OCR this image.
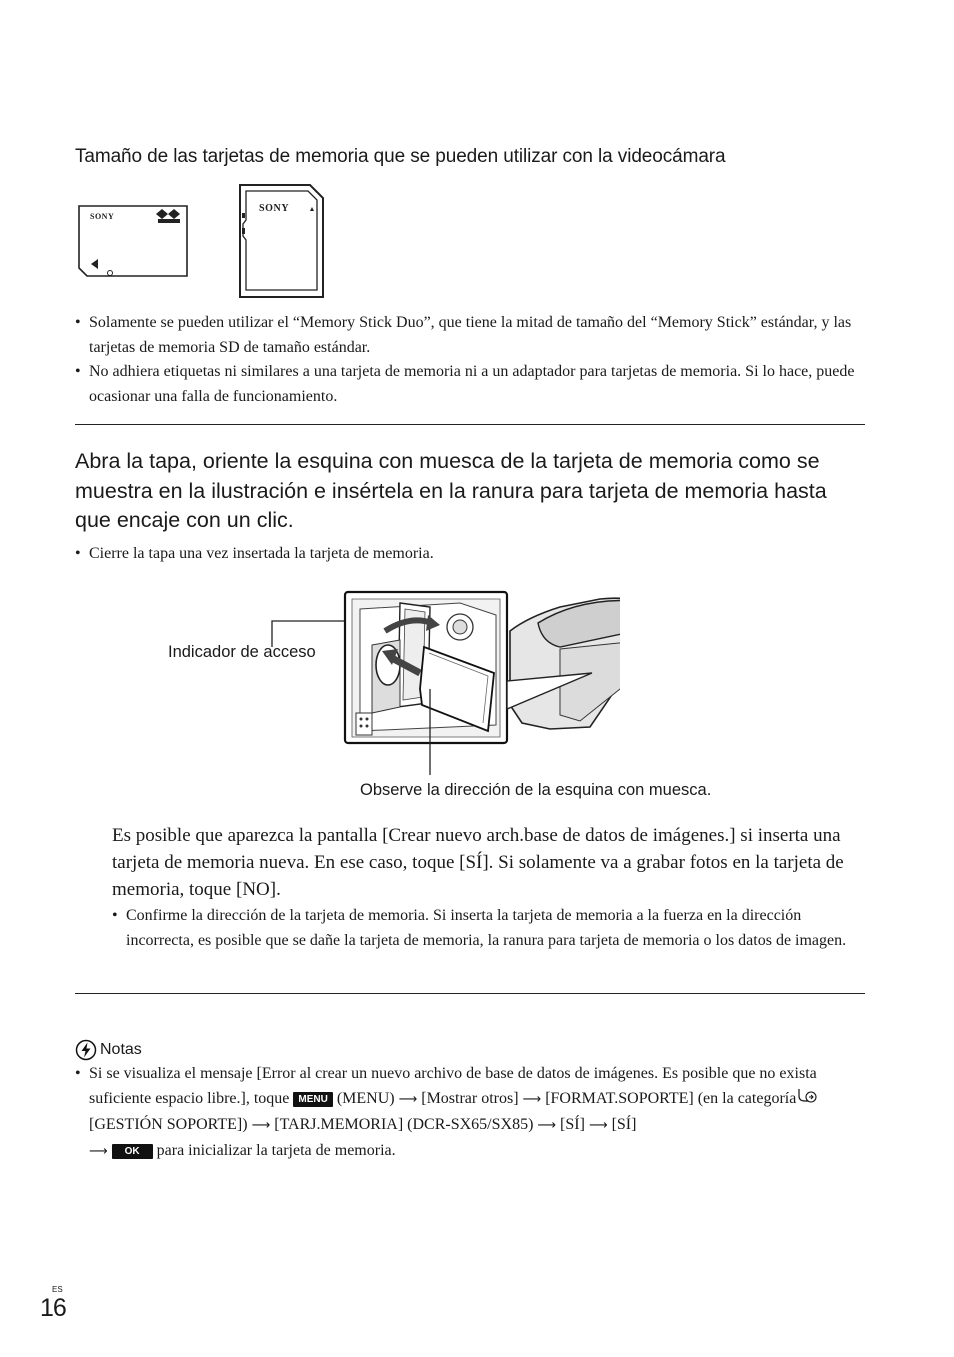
Tamaño de las tarjetas de memoria que se pueden utilizar con la videocámara
SONY
SONY
• Solamente se pueden utilizar el “Memory Stick Duo”, que tiene la mitad de tamaño del “Memory Stick” estándar, y las tarjetas de memoria SD de tamaño estándar.
• No adhiera etiquetas ni similares a una tarjeta de memoria ni a un adaptador para tarjetas de memoria. Si lo hace, puede ocasionar una falla de funcionamiento.
Abra la tapa, oriente la esquina con muesca de la tarjeta de memoria como se muestra en la ilustración e insértela en la ranura para tarjeta de memoria hasta que encaje con un clic.
• Cierre la tapa una vez insertada la tarjeta de memoria.
Indicador de acceso
Observe la dirección de la esquina con muesca.
Es posible que aparezca la pantalla [Crear nuevo arch.base de datos de imágenes.] si inserta una tarjeta de memoria nueva. En ese caso, toque [SÍ]. Si solamente va a grabar fotos en la tarjeta de memoria, toque [NO].
• Confirme la dirección de la tarjeta de memoria. Si inserta la tarjeta de memoria a la fuerza en la dirección incorrecta, es posible que se dañe la tarjeta de memoria, la ranura para tarjeta de memoria o los datos de imagen.
Notas
• Si se visualiza el mensaje [Error al crear un nuevo archivo de base de datos de imágenes. Es posible que no exista suficiente espacio libre.], toque MENU (MENU) ⟶ [Mostrar otros] ⟶ [FORMAT.SOPORTE] (en la categoría [GESTIÓN SOPORTE]) ⟶ [TARJ.MEMORIA] (DCR-SX65/SX85) ⟶ [SÍ] ⟶ [SÍ]
⟶ OK para inicializar la tarjeta de memoria.
ES
16
